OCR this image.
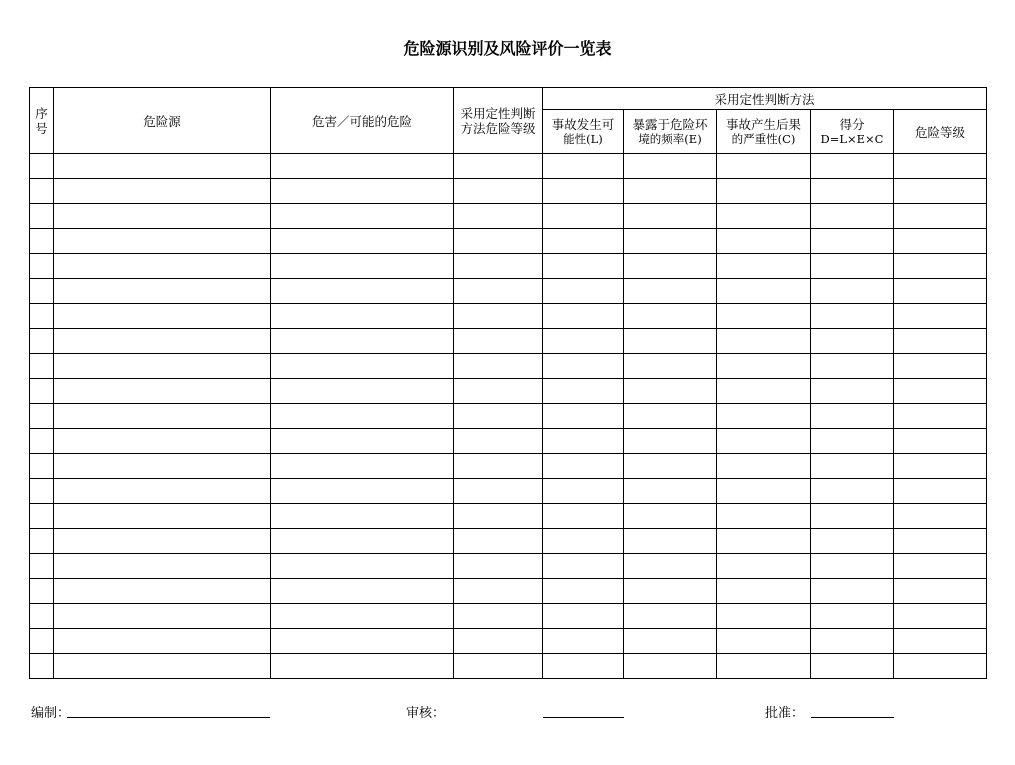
危险源识别及风险评价一览表
序号	危险源	危害／可能的危险	采用定性判断方法危险等级	采用定性判断方法				

				事故发生可
能性(L)	暴露于危险环
境的频率(E)	事故产生后果
的严重性(C)	得分
D=L×E×C	危险等级

编制：	审核：	批准：
